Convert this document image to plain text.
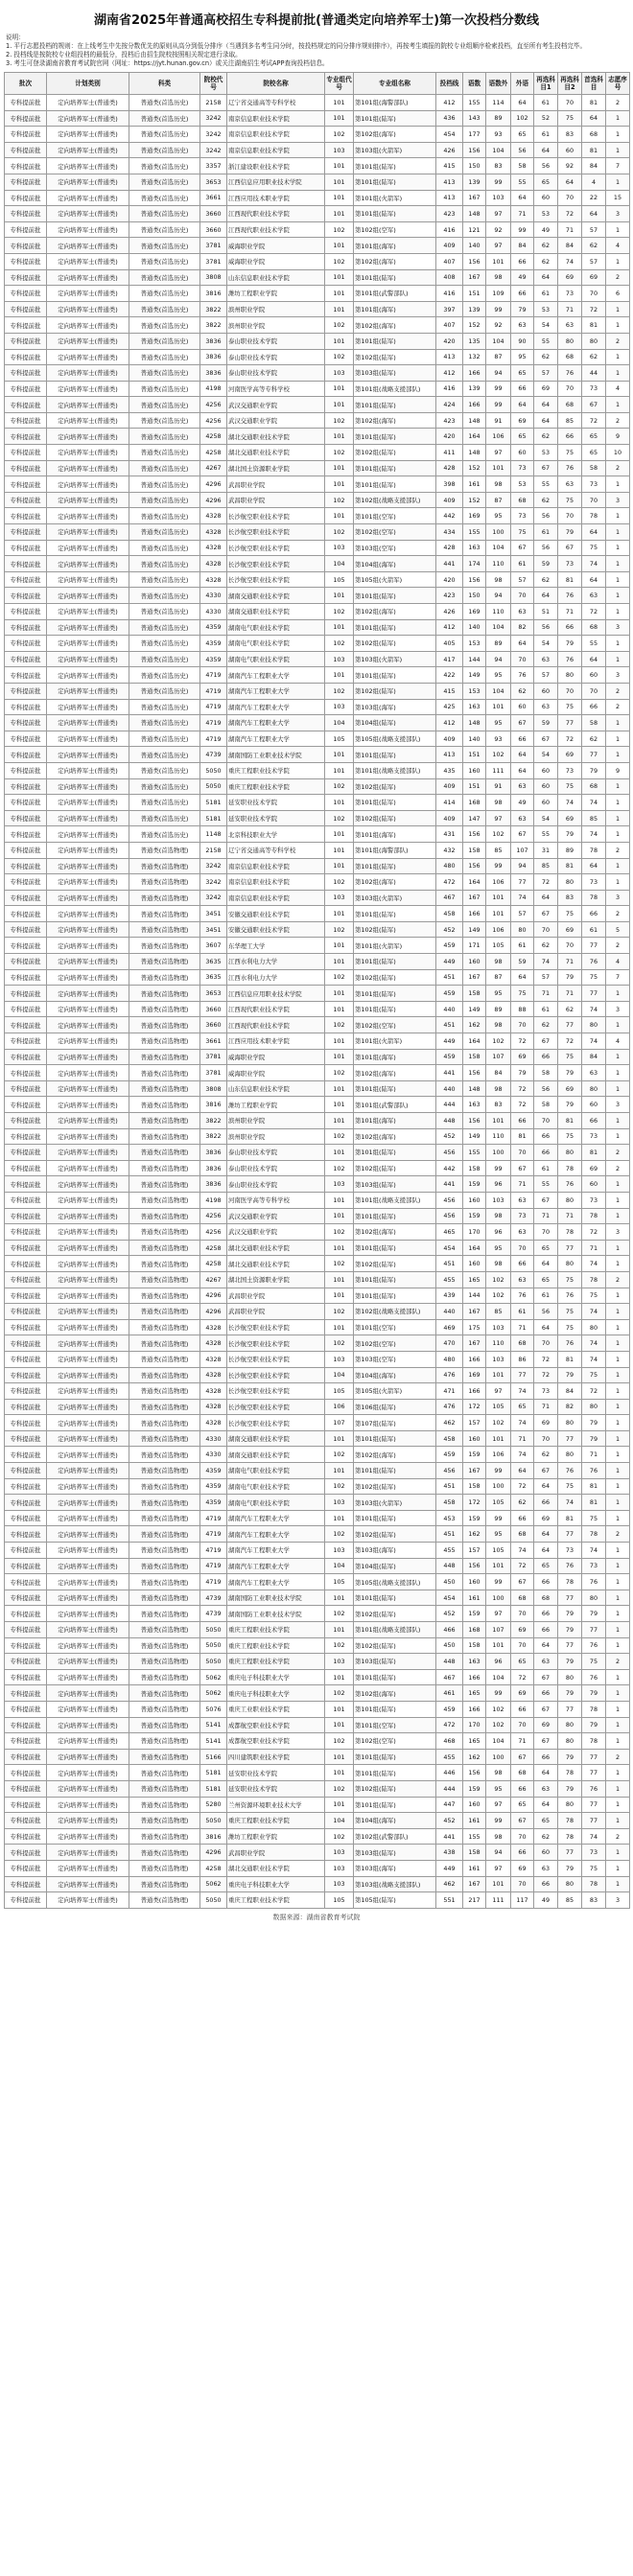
湖南省2025年普通高校招生专科提前批(普通类定向培养军士)第一次投档分数线

说明：

1. 平行志愿投档的规则：在上线考生中先按分数优先的原则从高分到低分排序（当遇到多名考生同分时，按投档规定的同分排序规则排序），再按考生填报的院校专业组顺序检索投档，直至所有考生投档完毕。

2. 投档线是按院校专业组投档的最低分，投档后由招生院校按照相关规定进行录取。

3. 考生可登录湖南省教育考试院官网（网址：https://jyt.hunan.gov.cn）或关注湖南招生考试APP查询投档信息。

批次	计划类别	科类	院校代号	院校名称	专业组代号	专业组名称	投档线	语数	语数外	外语	再选科目1	再选科目2	首选科目	志愿序号
专科提前批	定向培养军士(普通类)	普通类(首选历史)	2158	辽宁省交通高等专科学校	101	第101组(海警部队)	412	155	114	64	61	70	81	2
专科提前批	定向培养军士(普通类)	普通类(首选历史)	3242	南京信息职业技术学院	101	第101组(陆军)	436	143	89	102	52	75	64	1
专科提前批	定向培养军士(普通类)	普通类(首选历史)	3242	南京信息职业技术学院	102	第102组(海军)	454	177	93	65	61	83	68	1
专科提前批	定向培养军士(普通类)	普通类(首选历史)	3242	南京信息职业技术学院	103	第103组(火箭军)	426	156	104	56	64	60	81	1
专科提前批	定向培养军士(普通类)	普通类(首选历史)	3357	浙江建设职业技术学院	101	第101组(陆军)	415	150	83	58	56	92	84	7
专科提前批	定向培养军士(普通类)	普通类(首选历史)	3653	江西信息应用职业技术学院	101	第101组(陆军)	413	139	99	55	65	64	4	1
专科提前批	定向培养军士(普通类)	普通类(首选历史)	3661	江西应用技术职业学院	101	第101组(火箭军)	413	167	103	64	60	70	22	15
专科提前批	定向培养军士(普通类)	普通类(首选历史)	3660	江西现代职业技术学院	101	第101组(陆军)	423	148	97	71	53	72	64	3
专科提前批	定向培养军士(普通类)	普通类(首选历史)	3660	江西现代职业技术学院	102	第102组(空军)	416	121	92	99	49	71	57	1
专科提前批	定向培养军士(普通类)	普通类(首选历史)	3781	威海职业学院	101	第101组(海军)	409	140	97	84	62	84	62	4
专科提前批	定向培养军士(普通类)	普通类(首选历史)	3781	威海职业学院	102	第102组(海军)	407	156	101	66	62	74	57	1
专科提前批	定向培养军士(普通类)	普通类(首选历史)	3808	山东信息职业技术学院	101	第101组(陆军)	408	167	98	49	64	69	69	2
专科提前批	定向培养军士(普通类)	普通类(首选历史)	3816	潍坊工程职业学院	101	第101组(武警部队)	416	151	109	66	61	73	70	6
专科提前批	定向培养军士(普通类)	普通类(首选历史)	3822	滨州职业学院	101	第101组(海军)	397	139	99	79	53	71	72	1
专科提前批	定向培养军士(普通类)	普通类(首选历史)	3822	滨州职业学院	102	第102组(海军)	407	152	92	63	54	63	81	1
专科提前批	定向培养军士(普通类)	普通类(首选历史)	3836	泰山职业技术学院	101	第101组(陆军)	420	135	104	90	55	80	80	2
专科提前批	定向培养军士(普通类)	普通类(首选历史)	3836	泰山职业技术学院	102	第102组(陆军)	413	132	87	95	62	68	62	1
专科提前批	定向培养军士(普通类)	普通类(首选历史)	3836	泰山职业技术学院	103	第103组(陆军)	412	166	94	65	57	76	44	1
专科提前批	定向培养军士(普通类)	普通类(首选历史)	4198	河南医学高等专科学校	101	第101组(战略支援部队)	416	139	99	66	69	70	73	4
专科提前批	定向培养军士(普通类)	普通类(首选历史)	4256	武汉交通职业学院	101	第101组(陆军)	424	166	99	64	64	68	67	1
专科提前批	定向培养军士(普通类)	普通类(首选历史)	4256	武汉交通职业学院	102	第102组(海军)	423	148	91	69	64	85	72	2
专科提前批	定向培养军士(普通类)	普通类(首选历史)	4258	湖北交通职业技术学院	101	第101组(陆军)	420	164	106	65	62	66	65	9
专科提前批	定向培养军士(普通类)	普通类(首选历史)	4258	湖北交通职业技术学院	102	第102组(陆军)	411	148	97	60	53	75	65	10
专科提前批	定向培养军士(普通类)	普通类(首选历史)	4267	湖北国土资源职业学院	101	第101组(陆军)	428	152	101	73	67	76	58	2
专科提前批	定向培养军士(普通类)	普通类(首选历史)	4296	武昌职业学院	101	第101组(陆军)	398	161	98	53	55	63	73	1
专科提前批	定向培养军士(普通类)	普通类(首选历史)	4296	武昌职业学院	102	第102组(战略支援部队)	409	152	87	68	62	75	70	3
专科提前批	定向培养军士(普通类)	普通类(首选历史)	4328	长沙航空职业技术学院	101	第101组(空军)	442	169	95	73	56	70	78	1
专科提前批	定向培养军士(普通类)	普通类(首选历史)	4328	长沙航空职业技术学院	102	第102组(空军)	434	155	100	75	61	79	64	1
专科提前批	定向培养军士(普通类)	普通类(首选历史)	4328	长沙航空职业技术学院	103	第103组(空军)	428	163	104	67	56	67	75	1
专科提前批	定向培养军士(普通类)	普通类(首选历史)	4328	长沙航空职业技术学院	104	第104组(海军)	441	174	110	61	59	73	74	1
专科提前批	定向培养军士(普通类)	普通类(首选历史)	4328	长沙航空职业技术学院	105	第105组(火箭军)	420	156	98	57	62	81	64	1
专科提前批	定向培养军士(普通类)	普通类(首选历史)	4330	湖南交通职业技术学院	101	第101组(陆军)	423	150	94	70	64	76	63	1
专科提前批	定向培养军士(普通类)	普通类(首选历史)	4330	湖南交通职业技术学院	102	第102组(海军)	426	169	110	63	51	71	72	1
专科提前批	定向培养军士(普通类)	普通类(首选历史)	4359	湖南电气职业技术学院	101	第101组(陆军)	412	140	104	82	56	66	68	3
专科提前批	定向培养军士(普通类)	普通类(首选历史)	4359	湖南电气职业技术学院	102	第102组(陆军)	405	153	89	64	54	79	55	1
专科提前批	定向培养军士(普通类)	普通类(首选历史)	4359	湖南电气职业技术学院	103	第103组(火箭军)	417	144	94	70	63	76	64	1
专科提前批	定向培养军士(普通类)	普通类(首选历史)	4719	湖南汽车工程职业大学	101	第101组(陆军)	422	149	95	76	57	80	60	3
专科提前批	定向培养军士(普通类)	普通类(首选历史)	4719	湖南汽车工程职业大学	102	第102组(陆军)	415	153	104	62	60	70	70	2
专科提前批	定向培养军士(普通类)	普通类(首选历史)	4719	湖南汽车工程职业大学	103	第103组(海军)	425	163	101	60	63	75	66	2
专科提前批	定向培养军士(普通类)	普通类(首选历史)	4719	湖南汽车工程职业大学	104	第104组(陆军)	412	148	95	67	59	77	58	1
专科提前批	定向培养军士(普通类)	普通类(首选历史)	4719	湖南汽车工程职业大学	105	第105组(战略支援部队)	409	140	93	66	67	72	62	1
专科提前批	定向培养军士(普通类)	普通类(首选历史)	4739	湖南国防工业职业技术学院	101	第101组(陆军)	413	151	102	64	54	69	77	1
专科提前批	定向培养军士(普通类)	普通类(首选历史)	5050	重庆工程职业技术学院	101	第101组(战略支援部队)	435	160	111	64	60	73	79	9
专科提前批	定向培养军士(普通类)	普通类(首选历史)	5050	重庆工程职业技术学院	102	第102组(陆军)	409	151	91	63	60	75	68	1
专科提前批	定向培养军士(普通类)	普通类(首选历史)	5181	延安职业技术学院	101	第101组(陆军)	414	168	98	49	60	74	74	1
专科提前批	定向培养军士(普通类)	普通类(首选历史)	5181	延安职业技术学院	102	第102组(陆军)	409	147	97	63	54	69	85	1
专科提前批	定向培养军士(普通类)	普通类(首选历史)	1148	北京科技职业大学	101	第101组(海军)	431	156	102	67	55	79	74	1
专科提前批	定向培养军士(普通类)	普通类(首选物理)	2158	辽宁省交通高等专科学校	101	第101组(海警部队)	432	158	85	107	31	89	78	2
专科提前批	定向培养军士(普通类)	普通类(首选物理)	3242	南京信息职业技术学院	101	第101组(陆军)	480	156	99	94	85	81	64	1
专科提前批	定向培养军士(普通类)	普通类(首选物理)	3242	南京信息职业技术学院	102	第102组(海军)	472	164	106	77	72	80	73	1
专科提前批	定向培养军士(普通类)	普通类(首选物理)	3242	南京信息职业技术学院	103	第103组(火箭军)	467	167	101	74	64	83	78	3
专科提前批	定向培养军士(普通类)	普通类(首选物理)	3451	安徽交通职业技术学院	101	第101组(陆军)	458	166	101	57	67	75	66	2
专科提前批	定向培养军士(普通类)	普通类(首选物理)	3451	安徽交通职业技术学院	102	第102组(陆军)	452	149	106	80	70	69	61	5
专科提前批	定向培养军士(普通类)	普通类(首选物理)	3607	东华理工大学	101	第101组(火箭军)	459	171	105	61	62	70	77	2
专科提前批	定向培养军士(普通类)	普通类(首选物理)	3635	江西水利电力大学	101	第101组(陆军)	449	160	98	59	74	71	76	4
专科提前批	定向培养军士(普通类)	普通类(首选物理)	3635	江西水利电力大学	102	第102组(陆军)	451	167	87	64	57	79	75	7
专科提前批	定向培养军士(普通类)	普通类(首选物理)	3653	江西信息应用职业技术学院	101	第101组(陆军)	459	158	95	75	71	71	77	1
专科提前批	定向培养军士(普通类)	普通类(首选物理)	3660	江西现代职业技术学院	101	第101组(陆军)	440	149	89	88	61	62	74	3
专科提前批	定向培养军士(普通类)	普通类(首选物理)	3660	江西现代职业技术学院	102	第102组(空军)	451	162	98	70	62	77	80	1
专科提前批	定向培养军士(普通类)	普通类(首选物理)	3661	江西应用技术职业学院	101	第101组(火箭军)	449	164	102	72	67	72	74	4
专科提前批	定向培养军士(普通类)	普通类(首选物理)	3781	威海职业学院	101	第101组(海军)	459	158	107	69	66	75	84	1
专科提前批	定向培养军士(普通类)	普通类(首选物理)	3781	威海职业学院	102	第102组(海军)	441	156	84	79	58	79	63	1
专科提前批	定向培养军士(普通类)	普通类(首选物理)	3808	山东信息职业技术学院	101	第101组(陆军)	440	148	98	72	56	69	80	1
专科提前批	定向培养军士(普通类)	普通类(首选物理)	3816	潍坊工程职业学院	101	第101组(武警部队)	444	163	83	72	58	79	60	3
专科提前批	定向培养军士(普通类)	普通类(首选物理)	3822	滨州职业学院	101	第101组(海军)	448	156	101	66	70	81	66	1
专科提前批	定向培养军士(普通类)	普通类(首选物理)	3822	滨州职业学院	102	第102组(海军)	452	149	110	81	66	75	73	1
专科提前批	定向培养军士(普通类)	普通类(首选物理)	3836	泰山职业技术学院	101	第101组(陆军)	456	155	100	70	66	80	81	2
专科提前批	定向培养军士(普通类)	普通类(首选物理)	3836	泰山职业技术学院	102	第102组(陆军)	442	158	99	67	61	78	69	2
专科提前批	定向培养军士(普通类)	普通类(首选物理)	3836	泰山职业技术学院	103	第103组(陆军)	441	159	96	71	55	76	60	1
专科提前批	定向培养军士(普通类)	普通类(首选物理)	4198	河南医学高等专科学校	101	第101组(战略支援部队)	456	160	103	63	67	80	73	1
专科提前批	定向培养军士(普通类)	普通类(首选物理)	4256	武汉交通职业学院	101	第101组(陆军)	456	159	98	73	71	71	78	1
专科提前批	定向培养军士(普通类)	普通类(首选物理)	4256	武汉交通职业学院	102	第102组(海军)	465	170	96	63	70	78	72	3
专科提前批	定向培养军士(普通类)	普通类(首选物理)	4258	湖北交通职业技术学院	101	第101组(陆军)	454	164	95	70	65	77	71	1
专科提前批	定向培养军士(普通类)	普通类(首选物理)	4258	湖北交通职业技术学院	102	第102组(陆军)	451	160	98	66	64	80	74	1
专科提前批	定向培养军士(普通类)	普通类(首选物理)	4267	湖北国土资源职业学院	101	第101组(陆军)	455	165	102	63	65	75	78	2
专科提前批	定向培养军士(普通类)	普通类(首选物理)	4296	武昌职业学院	101	第101组(陆军)	439	144	102	76	61	76	75	1
专科提前批	定向培养军士(普通类)	普通类(首选物理)	4296	武昌职业学院	102	第102组(战略支援部队)	440	167	85	61	56	75	74	1
专科提前批	定向培养军士(普通类)	普通类(首选物理)	4328	长沙航空职业技术学院	101	第101组(空军)	469	175	103	71	64	75	80	1
专科提前批	定向培养军士(普通类)	普通类(首选物理)	4328	长沙航空职业技术学院	102	第102组(空军)	470	167	110	68	70	76	74	1
专科提前批	定向培养军士(普通类)	普通类(首选物理)	4328	长沙航空职业技术学院	103	第103组(空军)	480	166	103	86	72	81	74	1
专科提前批	定向培养军士(普通类)	普通类(首选物理)	4328	长沙航空职业技术学院	104	第104组(海军)	476	169	101	77	72	79	75	1
专科提前批	定向培养军士(普通类)	普通类(首选物理)	4328	长沙航空职业技术学院	105	第105组(火箭军)	471	166	97	74	73	84	72	1
专科提前批	定向培养军士(普通类)	普通类(首选物理)	4328	长沙航空职业技术学院	106	第106组(陆军)	476	172	105	65	71	82	80	1
专科提前批	定向培养军士(普通类)	普通类(首选物理)	4328	长沙航空职业技术学院	107	第107组(陆军)	462	157	102	74	69	80	79	1
专科提前批	定向培养军士(普通类)	普通类(首选物理)	4330	湖南交通职业技术学院	101	第101组(陆军)	458	160	101	71	70	77	79	1
专科提前批	定向培养军士(普通类)	普通类(首选物理)	4330	湖南交通职业技术学院	102	第102组(海军)	459	159	106	74	62	80	71	1
专科提前批	定向培养军士(普通类)	普通类(首选物理)	4359	湖南电气职业技术学院	101	第101组(陆军)	456	167	99	64	67	76	76	1
专科提前批	定向培养军士(普通类)	普通类(首选物理)	4359	湖南电气职业技术学院	102	第102组(陆军)	451	158	100	72	64	75	81	1
专科提前批	定向培养军士(普通类)	普通类(首选物理)	4359	湖南电气职业技术学院	103	第103组(火箭军)	458	172	105	62	66	74	81	1
专科提前批	定向培养军士(普通类)	普通类(首选物理)	4719	湖南汽车工程职业大学	101	第101组(陆军)	453	159	99	66	69	81	75	1
专科提前批	定向培养军士(普通类)	普通类(首选物理)	4719	湖南汽车工程职业大学	102	第102组(陆军)	451	162	95	68	64	77	78	2
专科提前批	定向培养军士(普通类)	普通类(首选物理)	4719	湖南汽车工程职业大学	103	第103组(海军)	455	157	105	74	64	73	74	1
专科提前批	定向培养军士(普通类)	普通类(首选物理)	4719	湖南汽车工程职业大学	104	第104组(陆军)	448	156	101	72	65	76	73	1
专科提前批	定向培养军士(普通类)	普通类(首选物理)	4719	湖南汽车工程职业大学	105	第105组(战略支援部队)	450	160	99	67	66	78	76	1
专科提前批	定向培养军士(普通类)	普通类(首选物理)	4739	湖南国防工业职业技术学院	101	第101组(陆军)	454	161	100	68	68	77	80	1
专科提前批	定向培养军士(普通类)	普通类(首选物理)	4739	湖南国防工业职业技术学院	102	第102组(陆军)	452	159	97	70	66	79	79	1
专科提前批	定向培养军士(普通类)	普通类(首选物理)	5050	重庆工程职业技术学院	101	第101组(战略支援部队)	466	168	107	69	66	79	77	1
专科提前批	定向培养军士(普通类)	普通类(首选物理)	5050	重庆工程职业技术学院	102	第102组(陆军)	450	158	101	70	64	77	76	1
专科提前批	定向培养军士(普通类)	普通类(首选物理)	5050	重庆工程职业技术学院	103	第103组(陆军)	448	163	96	65	63	79	75	2
专科提前批	定向培养军士(普通类)	普通类(首选物理)	5062	重庆电子科技职业大学	101	第101组(陆军)	467	166	104	72	67	80	76	1
专科提前批	定向培养军士(普通类)	普通类(首选物理)	5062	重庆电子科技职业大学	102	第102组(海军)	461	165	99	69	66	79	79	1
专科提前批	定向培养军士(普通类)	普通类(首选物理)	5076	重庆工业职业技术学院	101	第101组(陆军)	459	166	102	66	67	77	78	1
专科提前批	定向培养军士(普通类)	普通类(首选物理)	5141	成都航空职业技术学院	101	第101组(空军)	472	170	102	70	69	80	79	1
专科提前批	定向培养军士(普通类)	普通类(首选物理)	5141	成都航空职业技术学院	102	第102组(空军)	468	165	104	71	67	80	78	1
专科提前批	定向培养军士(普通类)	普通类(首选物理)	5166	四川建筑职业技术学院	101	第101组(陆军)	455	162	100	67	66	79	77	2
专科提前批	定向培养军士(普通类)	普通类(首选物理)	5181	延安职业技术学院	101	第101组(陆军)	446	156	98	68	64	78	77	1
专科提前批	定向培养军士(普通类)	普通类(首选物理)	5181	延安职业技术学院	102	第102组(陆军)	444	159	95	66	63	79	76	1
专科提前批	定向培养军士(普通类)	普通类(首选物理)	5280	兰州资源环境职业技术大学	101	第101组(陆军)	447	160	97	65	64	80	77	1
专科提前批	定向培养军士(普通类)	普通类(首选物理)	5050	重庆工程职业技术学院	104	第104组(海军)	452	161	99	67	65	78	77	1
专科提前批	定向培养军士(普通类)	普通类(首选物理)	3816	潍坊工程职业学院	102	第102组(武警部队)	441	155	98	70	62	78	74	2
专科提前批	定向培养军士(普通类)	普通类(首选物理)	4296	武昌职业学院	103	第103组(陆军)	438	158	94	66	60	77	73	1
专科提前批	定向培养军士(普通类)	普通类(首选物理)	4258	湖北交通职业技术学院	103	第103组(海军)	449	161	97	69	63	79	75	1
专科提前批	定向培养军士(普通类)	普通类(首选物理)	5062	重庆电子科技职业大学	103	第103组(战略支援部队)	462	167	101	70	66	80	78	1
专科提前批	定向培养军士(普通类)	普通类(首选物理)	5050	重庆工程职业技术学院	105	第105组(陆军)	551	217	111	117	49	85	83	3
数据来源：湖南省教育考试院
